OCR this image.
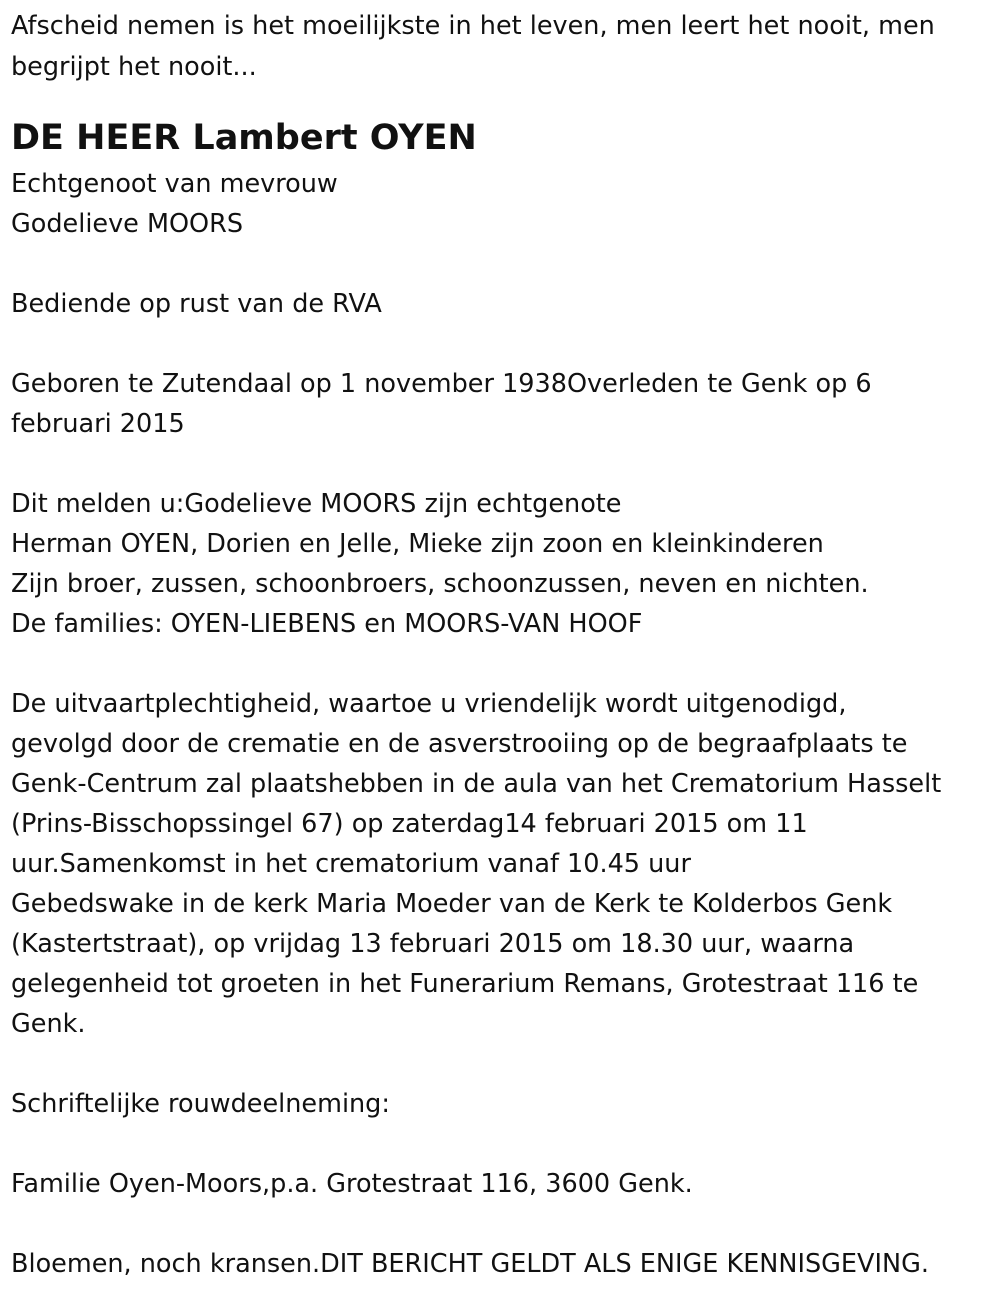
Afscheid nemen is het moeilijkste in het leven, men leert het nooit, men

begrijpt het nooit...

DE HEER Lambert OYEN

Echtgenoot van mevrouw

Godelieve MOORS

Bediende op rust van de RVA

Geboren te Zutendaal op 1 november 1938Overleden te Genk op 6

februari 2015

Dit melden u:Godelieve MOORS zijn echtgenote

Herman OYEN, Dorien en Jelle, Mieke zijn zoon en kleinkinderen

Zijn broer, zussen, schoonbroers, schoonzussen, neven en nichten.

De families: OYEN-LIEBENS en MOORS-VAN HOOF

De uitvaartplechtigheid, waartoe u vriendelijk wordt uitgenodigd,

gevolgd door de crematie en de asverstrooiing op de begraafplaats te

Genk-Centrum zal plaatshebben in de aula van het Crematorium Hasselt

(Prins-Bisschopssingel 67) op zaterdag14 februari 2015 om 11

uur.Samenkomst in het crematorium vanaf 10.45 uur

Gebedswake in de kerk Maria Moeder van de Kerk te Kolderbos Genk

(Kastertstraat), op vrijdag 13 februari 2015 om 18.30 uur, waarna

gelegenheid tot groeten in het Funerarium Remans, Grotestraat 116 te

Genk.

Schriftelijke rouwdeelneming:

Familie Oyen-Moors,p.a. Grotestraat 116, 3600 Genk.

Bloemen, noch kransen.DIT BERICHT GELDT ALS ENIGE KENNISGEVING.
